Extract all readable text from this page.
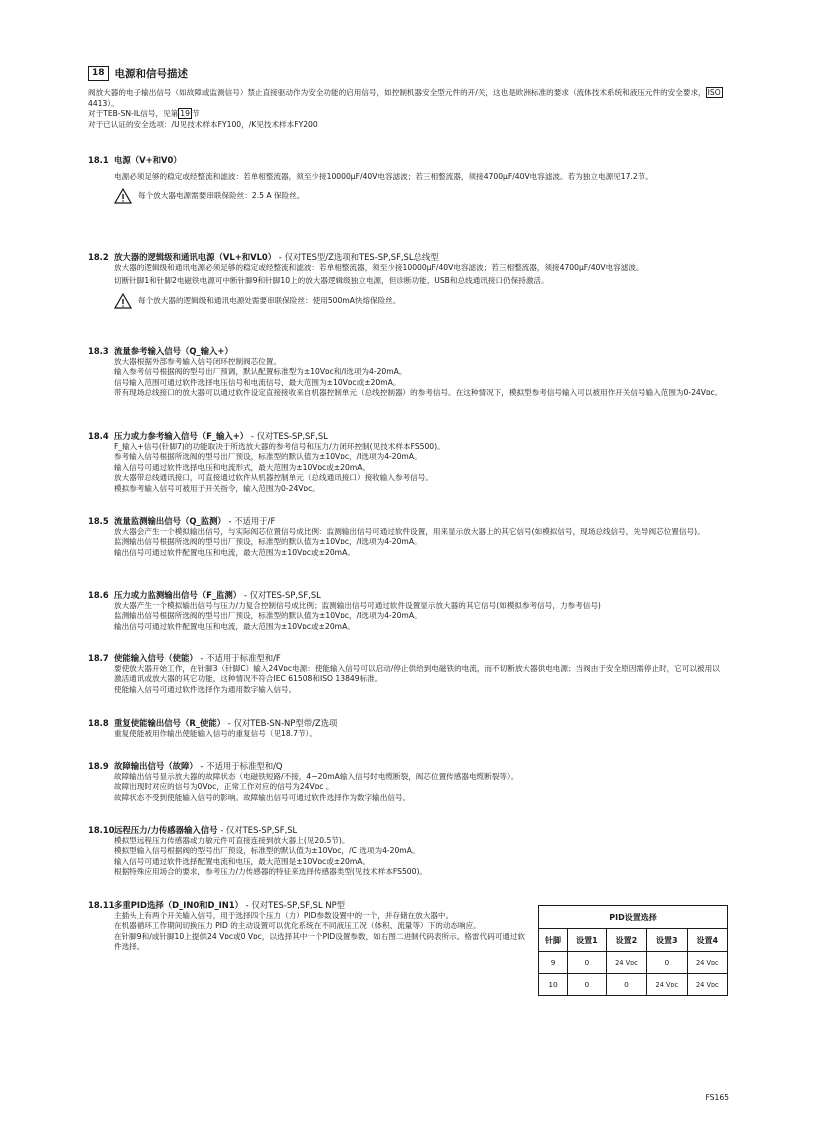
18 电源和信号描述

阀放大器的电子输出信号（如故障或监测信号）禁止直接驱动作为安全功能的启用信号，如控制机器安全型元件的开/关，这也是欧洲标准的要求（流体技术系统和液压元件的安全要求， ISO 4413）。

对于TEB-SN-IL信号，见第 19 节

对于已认证的安全选项：/U见技术样本FY100，/K见技术样本FY200

18.1 电源（V+和V0）

电源必须足够的稳定或经整流和滤波：若单相整流器，须至少接10000μF/40V电容滤波；若三相整流器，须接4700μF/40V电容滤波。若为独立电源见17.2节。

每个放大器电源需要串联保险丝：2.5 A 保险丝。

18.2 放大器的逻辑级和通讯电源（VL+和VL0） - 仅对TES型/Z选项和TES-SP,SF,SL总线型

放大器的逻辑级和通讯电源必须足够的稳定或经整流和滤波：若单相整流器，须至少接10000μF/40V电容滤波；若三相整流器，须接4700μF/40V电容滤波。

切断针脚1和针脚2电磁铁电源可中断针脚9和针脚10上的放大器逻辑级独立电源，但诊断功能、USB和总线通讯接口仍保持激活。

每个放大器的逻辑级和通讯电源处需要串联保险丝：使用500mA快熔保险丝。

18.3 流量参考输入信号（Q_输入+）

放大器根据外部参考输入信号闭环控制阀芯位置。

输入参考信号根据阀的型号出厂预调，默认配置标准型为±10Vᴅᴄ和/I选项为4-20mA。

信号输入范围可通过软件选择电压信号和电流信号，最大范围为±10Vᴅᴄ或±20mA。

带有现场总线接口的放大器可以通过软件设定直接接收来自机器控制单元（总线控制器）的参考信号。在这种情况下，模拟型参考信号输入可以被用作开关信号输入范围为0-24Vᴅᴄ。

18.4 压力或力参考输入信号（F_输入+） - 仅对TES-SP,SF,SL

F_输入+信号(针脚7)的功能取决于所选放大器的参考信号和压力/力闭环控制(见技术样本FS500)。

参考输入信号根据所选阀的型号出厂预设，标准型的默认值为±10Vᴅᴄ，/I选项为4-20mA。

输入信号可通过软件选择电压和电流形式，最大范围为±10Vᴅᴄ或±20mA。

放大器带总线通讯接口，可直接通过软件从机器控制单元（总线通讯接口）接收输入参考信号。

模拟参考输入信号可被用于开关指令，输入范围为0-24Vᴅᴄ。

18.5 流量监测输出信号（Q_监测） - 不适用于/F

放大器会产生一个模拟输出信号，与实际阀芯位置信号成比例：监测输出信号可通过软件设置，用来显示放大器上的其它信号(如模拟信号，现场总线信号，先导阀芯位置信号)。

监测输出信号根据所选阀的型号出厂预设，标准型的默认值为±10Vᴅᴄ，/I选项为4-20mA。

输出信号可通过软件配置电压和电流，最大范围为±10Vᴅᴄ或±20mA。

18.6 压力或力监测输出信号（F_监测） - 仅对TES-SP,SF,SL

放大器产生一个模拟输出信号与压力/力复合控制信号成比例；监测输出信号可通过软件设置显示放大器的其它信号(如模拟参考信号，力参考信号)

监测输出信号根据所选阀的型号出厂预设，标准型的默认值为±10Vᴅᴄ，/I选项为4-20mA。

输出信号可通过软件配置电压和电流，最大范围为±10Vᴅᴄ或±20mA。

18.7 使能输入信号（使能） - 不适用于标准型和/F

要使放大器开始工作，在针脚3（针脚C）输入24Vᴅᴄ电源：使能输入信号可以启动/停止供给到电磁铁的电流，而不切断放大器供电电源；当阀由于安全原因需停止时，它可以被用以激活通讯或放大器的其它功能，这种情况不符合IEC 61508和ISO 13849标准。

使能输入信号可通过软件选择作为通用数字输入信号。

18.8 重复使能输出信号（R_使能） - 仅对TEB-SN-NP型带/Z选项

重复使能被用作输出使能输入信号的重复信号（见18.7节）。

18.9 故障输出信号（故障） - 不适用于标准型和/Q

故障输出信号显示放大器的故障状态（电磁铁短路/不接，4~20mA输入信号时电缆断裂，阀芯位置传感器电缆断裂等）。

故障出现时对应的信号为0Vᴅᴄ，正常工作对应的信号为24Vᴅᴄ 。

故障状态不受到使能输入信号的影响。故障输出信号可通过软件选择作为数字输出信号。

18.10远程压力/力传感器输入信号 - 仅对TES-SP,SF,SL

模拟型远程压力传感器或力敏元件可直接连接到放大器上(见20.5节)。

模拟型输入信号根据阀的型号出厂预设，标准型的默认值为±10Vᴅᴄ，/C 选项为4-20mA。

输入信号可通过软件选择配置电流和电压，最大范围是±10Vᴅᴄ或±20mA。

根据特殊应用场合的要求，参考压力/力传感器的特征来选择传感器类型(见技术样本FS500)。

18.11多重PID选择（D_IN0和D_IN1） - 仅对TES-SP,SF,SL NP型

主插头上有两个开关输入信号，用于选择四个压力（力）PID参数设置中的一个，并存储在放大器中。

在机器循环工作期间切换压力 PID 的主动设置可以优化系统在不同液压工况（体积、流量等）下的动态响应。

在针脚9和/或针脚10上提供24 Vᴅᴄ或0 Vᴅᴄ，以选择其中一个PID设置参数，如右图二进制代码表所示。格雷代码可通过软件选择。

PID设置选择				
针脚	设置1	设置2	设置3	设置4
9	0	24 Vᴅᴄ	0	24 Vᴅᴄ
10	0	0	24 Vᴅᴄ	24 Vᴅᴄ
FS165
